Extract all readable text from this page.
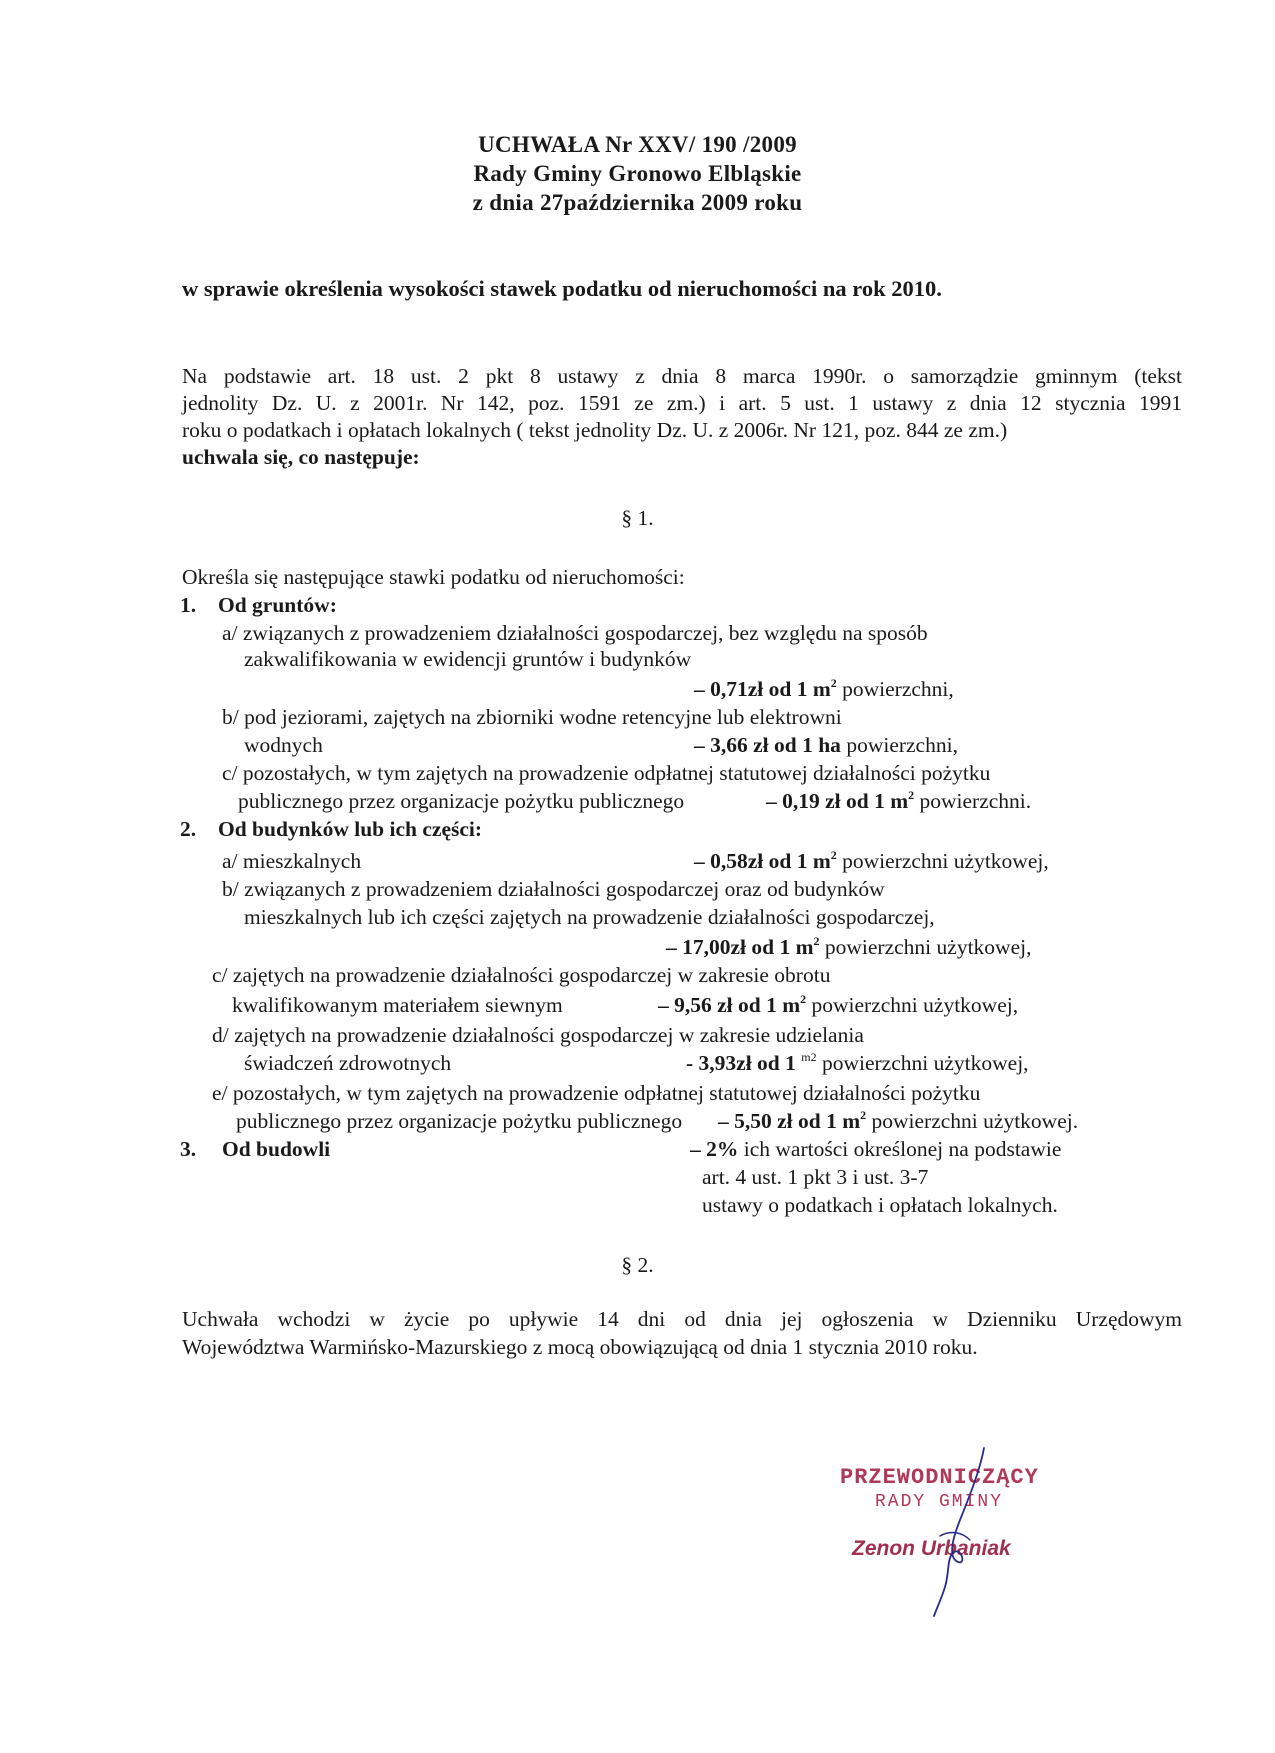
UCHWAŁA Nr XXV/ 190 /2009
Rady Gminy Gronowo Elbląskie
z dnia 27października 2009 roku
w sprawie określenia wysokości stawek podatku od nieruchomości na rok 2010.
Na podstawie art. 18 ust. 2 pkt 8 ustawy z dnia 8 marca 1990r. o samorządzie gminnym (tekst
jednolity Dz. U. z 2001r. Nr 142, poz. 1591 ze zm.) i art. 5 ust. 1 ustawy z dnia 12 stycznia 1991
roku o podatkach i opłatach lokalnych ( tekst jednolity Dz. U. z 2006r. Nr 121, poz. 844 ze zm.)
uchwala się, co następuje:
§ 1.
Określa się następujące stawki podatku od nieruchomości:
1. Od gruntów:
a/ związanych z prowadzeniem działalności gospodarczej, bez względu na sposób
zakwalifikowania w ewidencji gruntów i budynków
– 0,71zł od 1 $m^2$ powierzchni,
b/ pod jeziorami, zajętych na zbiorniki wodne retencyjne lub elektrowni
wodnych	– 3,66 zł od 1 ha powierzchni,
c/ pozostałych, w tym zajętych na prowadzenie odpłatnej statutowej działalności pożytku
publicznego przez organizacje pożytku publicznego	– 0,19 zł od 1 $m^2$ powierzchni.
2. Od budynków lub ich części:
a/ mieszkalnych	– 0,58zł od 1 $m^2$ powierzchni użytkowej,
b/ związanych z prowadzeniem działalności gospodarczej oraz od budynków
mieszkalnych lub ich części zajętych na prowadzenie działalności gospodarczej,
– 17,00zł od 1 $m^2$ powierzchni użytkowej,
c/ zajętych na prowadzenie działalności gospodarczej w zakresie obrotu
kwalifikowanym materiałem siewnym	– 9,56 zł od 1 $m^2$ powierzchni użytkowej,
d/ zajętych na prowadzenie działalności gospodarczej w zakresie udzielania
świadczeń zdrowotnych	- 3,93zł od 1 $^{m2}$ powierzchni użytkowej,
e/ pozostałych, w tym zajętych na prowadzenie odpłatnej statutowej działalności pożytku
publicznego przez organizacje pożytku publicznego – 5,50 zł od 1 $m^2$ powierzchni użytkowej.
3. Od budowli	– 2% ich wartości określonej na podstawie
art. 4 ust. 1 pkt 3 i ust. 3-7
ustawy o podatkach i opłatach lokalnych.
§ 2.
Uchwała wchodzi w życie po upływie 14 dni od dnia jej ogłoszenia w Dzienniku Urzędowym
Województwa Warmińsko-Mazurskiego z mocą obowiązującą od dnia 1 stycznia 2010 roku.
PRZEWODNICZĄCY
RADY GMINY
Zenon Urbaniak
